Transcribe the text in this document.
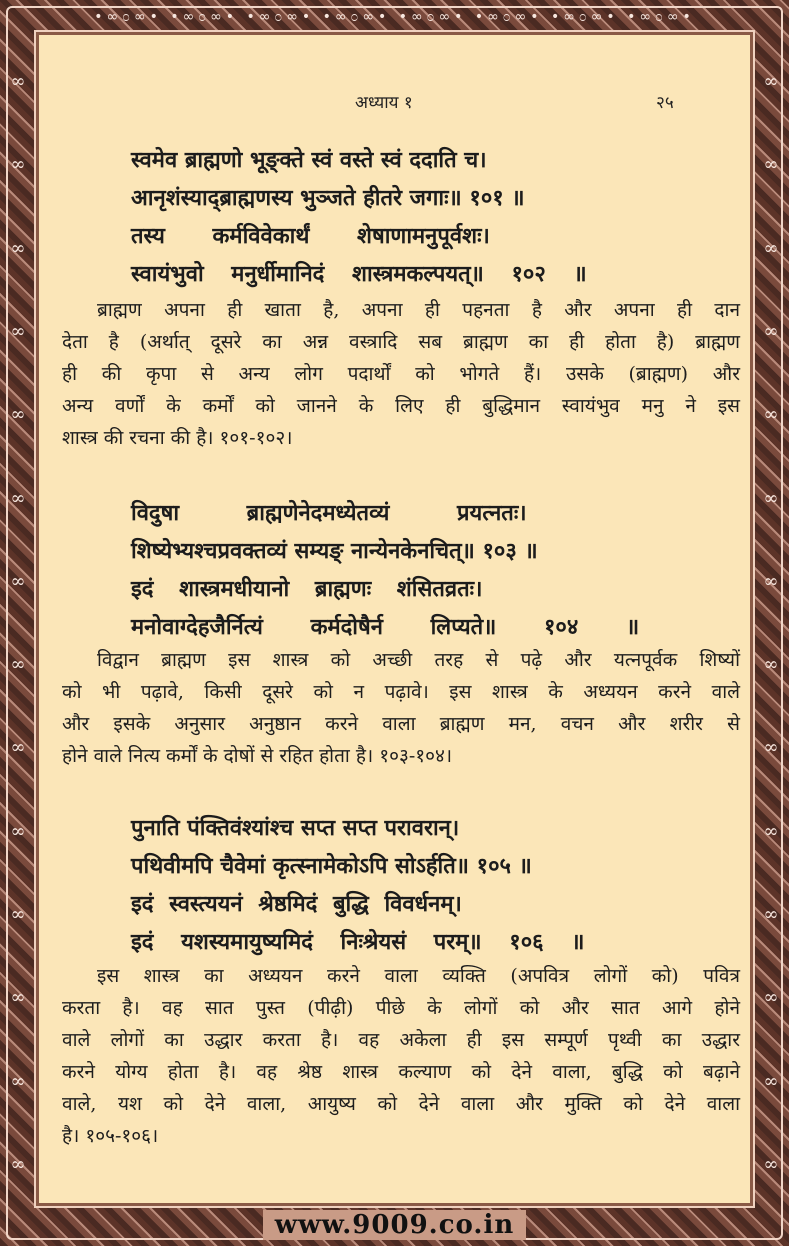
•∞೦∞• •∞೦∞• •∞೦∞• •∞೦∞• •∞೦∞• •∞೦∞• •∞೦∞• •∞೦∞•
∞
∞
∞
∞
∞
∞
∞
∞
∞
∞
∞
∞
∞
∞
∞
∞
∞
∞
∞
∞
∞
∞
∞
∞
∞
∞
∞
∞
अध्याय १	२५
स्वमेव ब्राह्मणो भूङ्क्ते स्वं वस्ते स्वं ददाति च।
आनृशंस्याद्ब्राह्मणस्य भुञ्जते हीतरे जगाः॥ १०१ ॥
तस्य कर्मविवेकार्थं शेषाणामनुपूर्वशः।
स्वायंभुवो मनुर्धीमानिदं शास्त्रमकल्पयत्॥ १०२ ॥
ब्राह्मण अपना ही खाता है, अपना ही पहनता है और अपना ही दान
देता है (अर्थात् दूसरे का अन्न वस्त्रादि सब ब्राह्मण का ही होता है) ब्राह्मण
ही की कृपा से अन्य लोग पदार्थों को भोगते हैं। उसके (ब्राह्मण) और
अन्य वर्णों के कर्मों को जानने के लिए ही बुद्धिमान स्वायंभुव मनु ने इस
शास्त्र की रचना की है। १०१-१०२।
विदुषा ब्राह्मणेनेदमध्येतव्यं प्रयत्नतः।
शिष्येभ्यश्चप्रवक्तव्यं सम्यङ् नान्येनकेनचित्॥ १०३ ॥
इदं शास्त्रमधीयानो ब्राह्मणः शंसितव्रतः।
मनोवाग्देहजैर्नित्यं कर्मदोषैर्न लिप्यते॥ १०४ ॥
विद्वान ब्राह्मण इस शास्त्र को अच्छी तरह से पढ़े और यत्नपूर्वक शिष्यों
को भी पढ़ावे, किसी दूसरे को न पढ़ावे। इस शास्त्र के अध्ययन करने वाले
और इसके अनुसार अनुष्ठान करने वाला ब्राह्मण मन, वचन और शरीर से
होने वाले नित्य कर्मों के दोषों से रहित होता है। १०३-१०४।
पुनाति पंक्तिवंश्यांश्च सप्त सप्त परावरान्।
पथिवीमपि चैवेमां कृत्स्नामेकोऽपि सोऽर्हति॥ १०५ ॥
इदं स्वस्त्ययनं श्रेष्ठमिदं बुद्धि विवर्धनम्।
इदं यशस्यमायुष्यमिदं निःश्रेयसं परम्॥ १०६ ॥
इस शास्त्र का अध्ययन करने वाला व्यक्ति (अपवित्र लोगों को) पवित्र
करता है। वह सात पुस्त (पीढ़ी) पीछे के लोगों को और सात आगे होने
वाले लोगों का उद्धार करता है। वह अकेला ही इस सम्पूर्ण पृथ्वी का उद्धार
करने योग्य होता है। वह श्रेष्ठ शास्त्र कल्याण को देने वाला, बुद्धि को बढ़ाने
वाले, यश को देने वाला, आयुष्य को देने वाला और मुक्ति को देने वाला
है। १०५-१०६।
www.9009.co.in
